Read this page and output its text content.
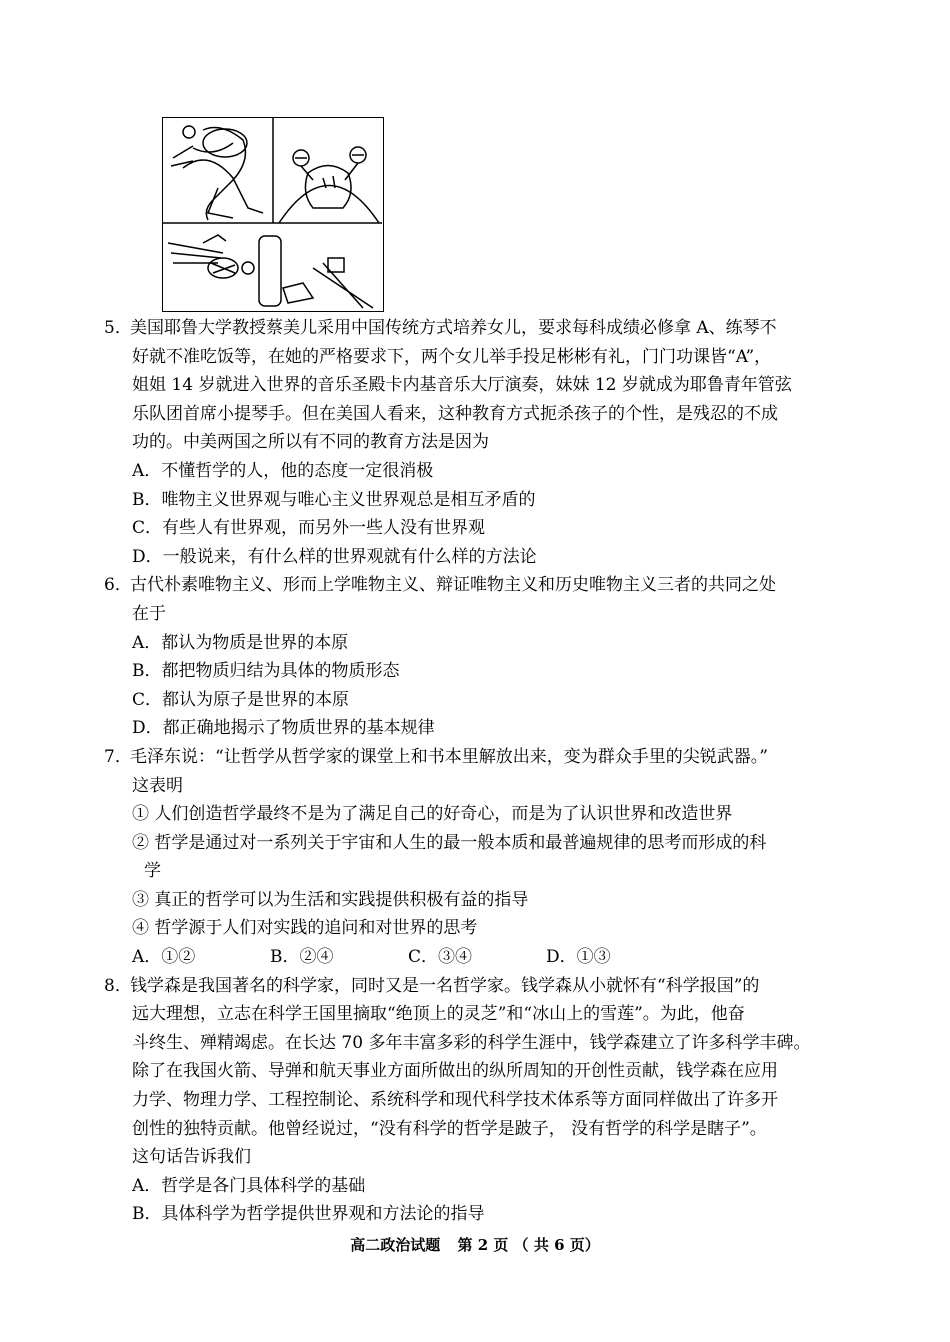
5．美国耶鲁大学教授蔡美儿采用中国传统方式培养女儿，要求每科成绩必修拿 A、练琴不
好就不准吃饭等，在她的严格要求下，两个女儿举手投足彬彬有礼，门门功课皆“A”，
姐姐 14 岁就进入世界的音乐圣殿卡内基音乐大厅演奏，妹妹 12 岁就成为耶鲁青年管弦
乐队团首席小提琴手。但在美国人看来，这种教育方式扼杀孩子的个性，是残忍的不成
功的。中美两国之所以有不同的教育方法是因为
A．不懂哲学的人，他的态度一定很消极
B．唯物主义世界观与唯心主义世界观总是相互矛盾的
C．有些人有世界观，而另外一些人没有世界观
D．一般说来，有什么样的世界观就有什么样的方法论
6．古代朴素唯物主义、形而上学唯物主义、辩证唯物主义和历史唯物主义三者的共同之处
在于
A．都认为物质是世界的本原
B．都把物质归结为具体的物质形态
C．都认为原子是世界的本原
D．都正确地揭示了物质世界的基本规律
7．毛泽东说：“让哲学从哲学家的课堂上和书本里解放出来，变为群众手里的尖锐武器。”
这表明
① 人们创造哲学最终不是为了满足自己的好奇心，而是为了认识世界和改造世界
② 哲学是通过对一系列关于宇宙和人生的最一般本质和最普遍规律的思考而形成的科
学
③ 真正的哲学可以为生活和实践提供积极有益的指导
④ 哲学源于人们对实践的追问和对世界的思考
A．①②	B．②④	C．③④	D．①③
8．钱学森是我国著名的科学家，同时又是一名哲学家。钱学森从小就怀有“科学报国”的
远大理想，立志在科学王国里摘取“绝顶上的灵芝”和“冰山上的雪莲”。为此，他奋
斗终生、殚精竭虑。在长达 70 多年丰富多彩的科学生涯中，钱学森建立了许多科学丰碑。
除了在我国火箭、导弹和航天事业方面所做出的纵所周知的开创性贡献，钱学森在应用
力学、物理力学、工程控制论、系统科学和现代科学技术体系等方面同样做出了许多开
创性的独特贡献。他曾经说过，“没有科学的哲学是跛子， 没有哲学的科学是瞎子”。
这句话告诉我们
A．哲学是各门具体科学的基础
B．具体科学为哲学提供世界观和方法论的指导
高二政治试题 第 2 页 （ 共 6 页）
